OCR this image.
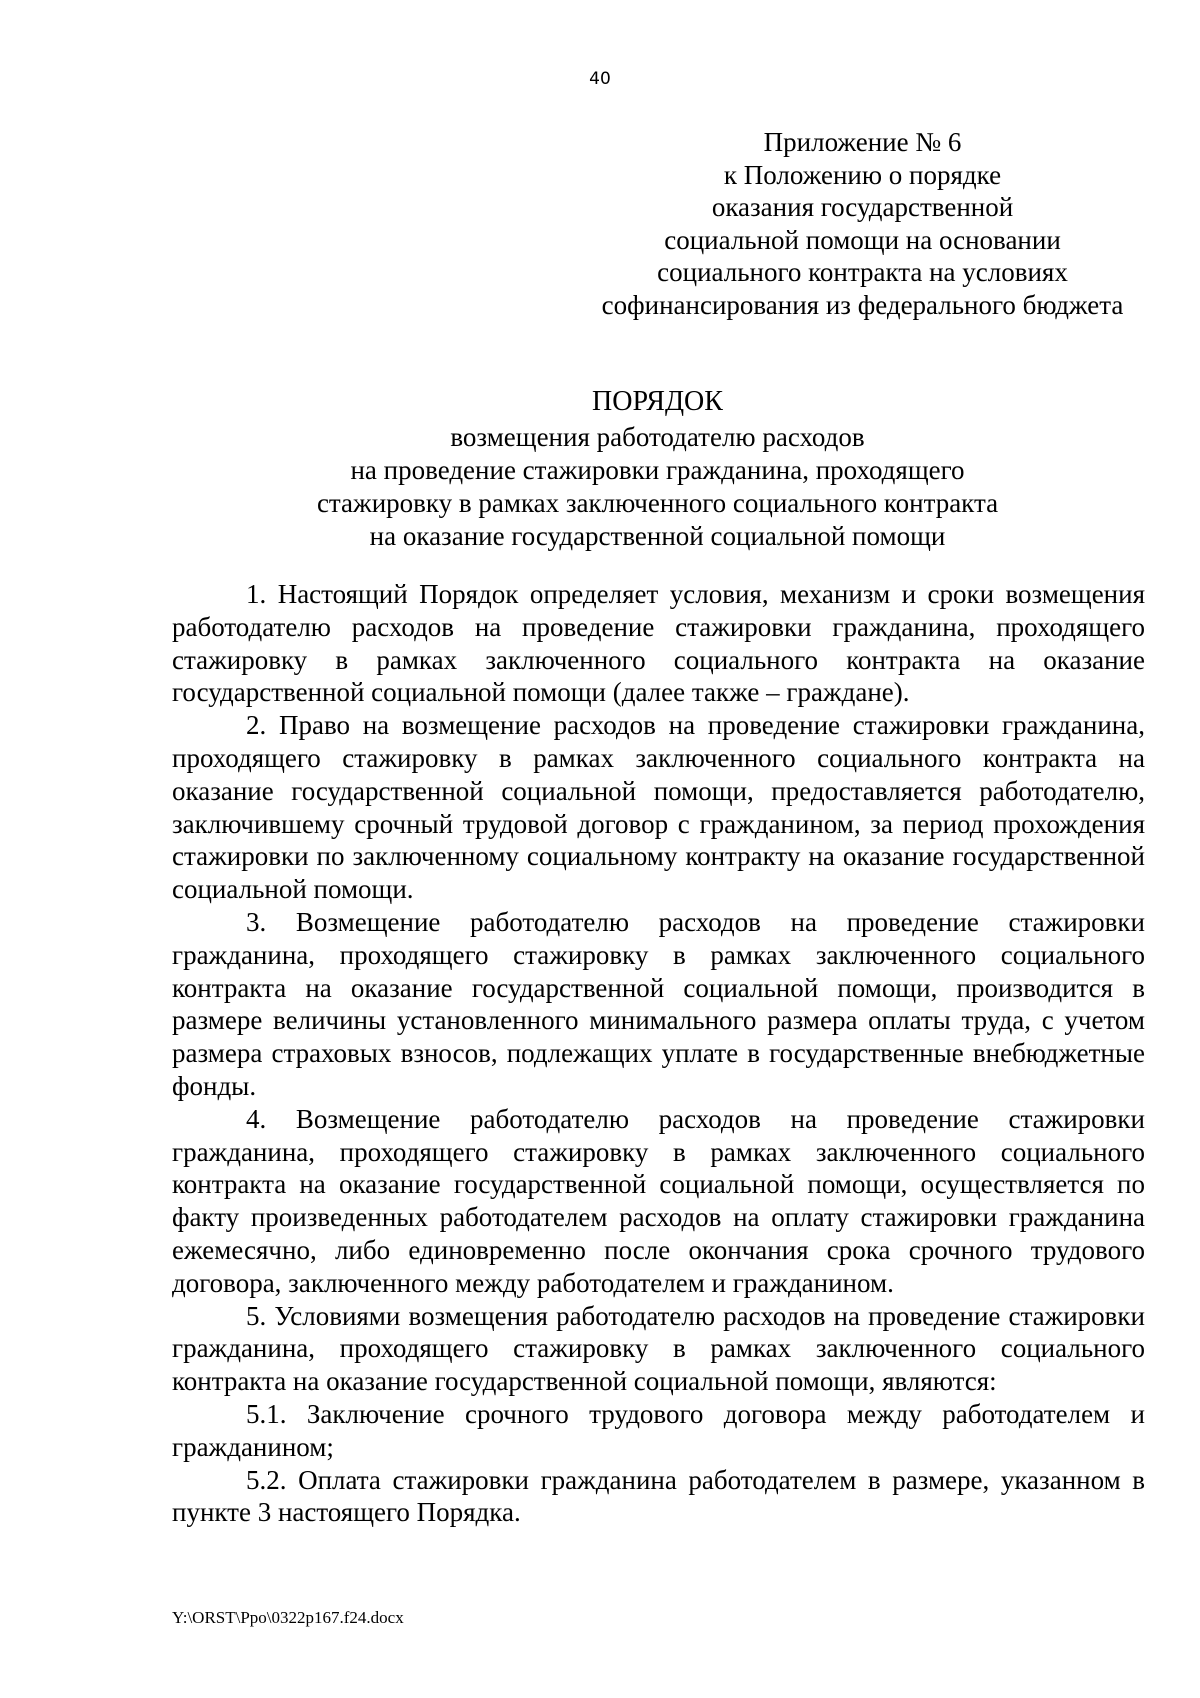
40
Приложение № 6
к Положению о порядке
оказания государственной
социальной помощи на основании
социального контракта на условиях
софинансирования из федерального бюджета
ПОРЯДОК
возмещения работодателю расходов
на проведение стажировки гражданина, проходящего
стажировку в рамках заключенного социального контракта
на оказание государственной социальной помощи

1. Настоящий Порядок определяет условия, механизм и сроки возмещения работодателю расходов на проведение стажировки гражданина, проходящего стажировку в рамках заключенного социального контракта на оказание государственной социальной помощи (далее также – граждане).

2. Право на возмещение расходов на проведение стажировки гражданина, проходящего стажировку в рамках заключенного социального контракта на оказание государственной социальной помощи, предоставляется работодателю, заключившему срочный трудовой договор с гражданином, за период прохождения стажировки по заключенному социальному контракту на оказание государственной социальной помощи.

3. Возмещение работодателю расходов на проведение стажировки гражданина, проходящего стажировку в рамках заключенного социального контракта на оказание государственной социальной помощи, производится в размере величины установленного минимального размера оплаты труда, с учетом размера страховых взносов, подлежащих уплате в государственные внебюджетные фонды.

4. Возмещение работодателю расходов на проведение стажировки гражданина, проходящего стажировку в рамках заключенного социального контракта на оказание государственной социальной помощи, осуществляется по факту произведенных работодателем расходов на оплату стажировки гражданина ежемесячно, либо единовременно после окончания срока срочного трудового договора, заключенного между работодателем и гражданином.

5. Условиями возмещения работодателю расходов на проведение стажировки гражданина, проходящего стажировку в рамках заключенного социального контракта на оказание государственной социальной помощи, являются:

5.1. Заключение срочного трудового договора между работодателем и гражданином;

5.2. Оплата стажировки гражданина работодателем в размере, указанном в пункте 3 настоящего Порядка.

Y:\ORST\Ppo\0322p167.f24.docx
